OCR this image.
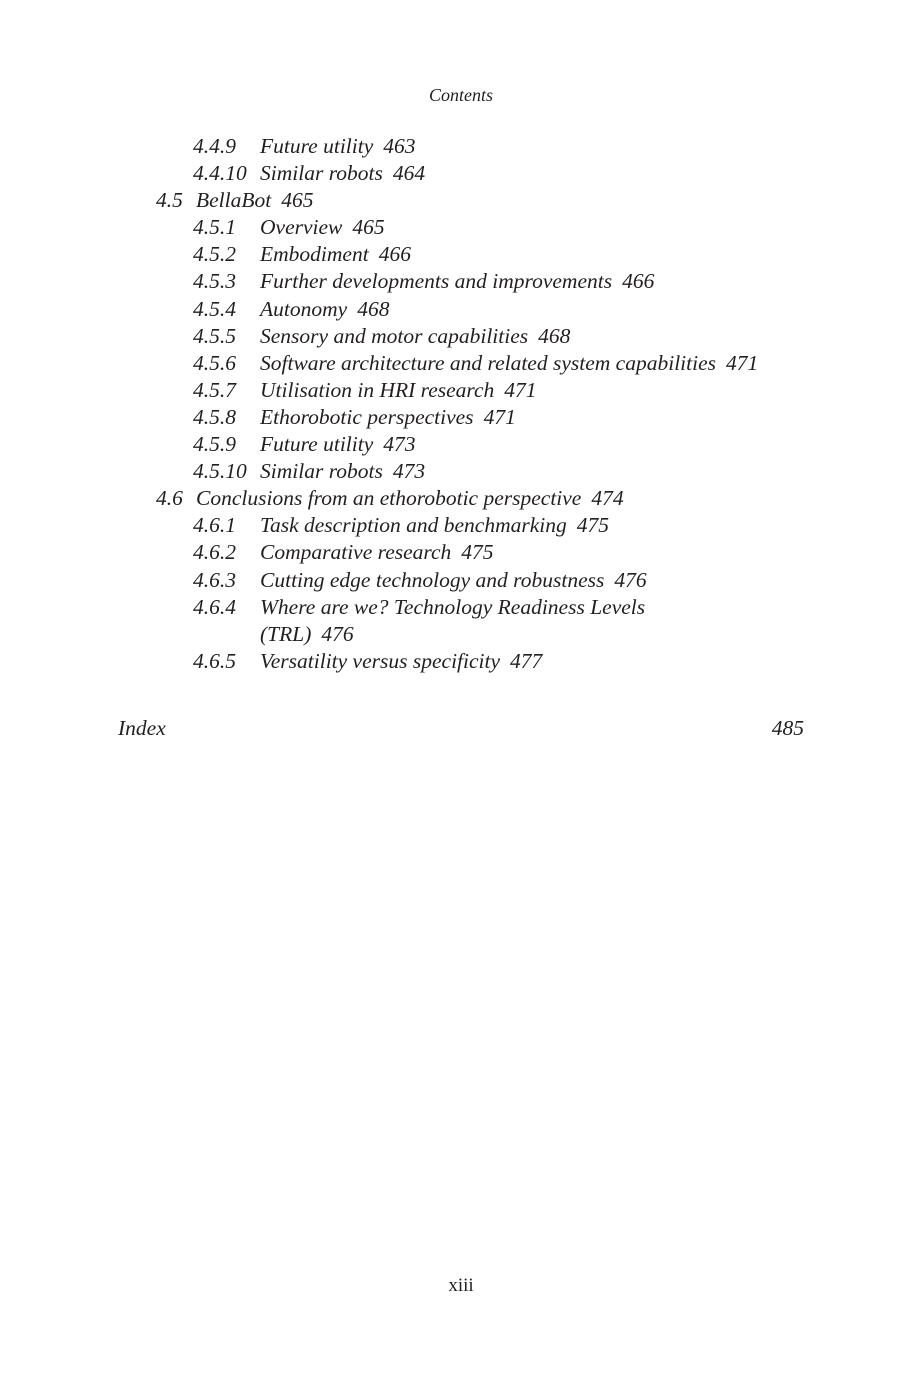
Contents
4.4.9 Future utility 463
4.4.10 Similar robots 464
4.5 BellaBot 465
4.5.1 Overview 465
4.5.2 Embodiment 466
4.5.3 Further developments and improvements 466
4.5.4 Autonomy 468
4.5.5 Sensory and motor capabilities 468
4.5.6 Software architecture and related system capabilities 471
4.5.7 Utilisation in HRI research 471
4.5.8 Ethorobotic perspectives 471
4.5.9 Future utility 473
4.5.10 Similar robots 473
4.6 Conclusions from an ethorobotic perspective 474
4.6.1 Task description and benchmarking 475
4.6.2 Comparative research 475
4.6.3 Cutting edge technology and robustness 476
4.6.4 Where are we? Technology Readiness Levels (TRL) 476
4.6.5 Versatility versus specificity 477
Index	485
xiii
